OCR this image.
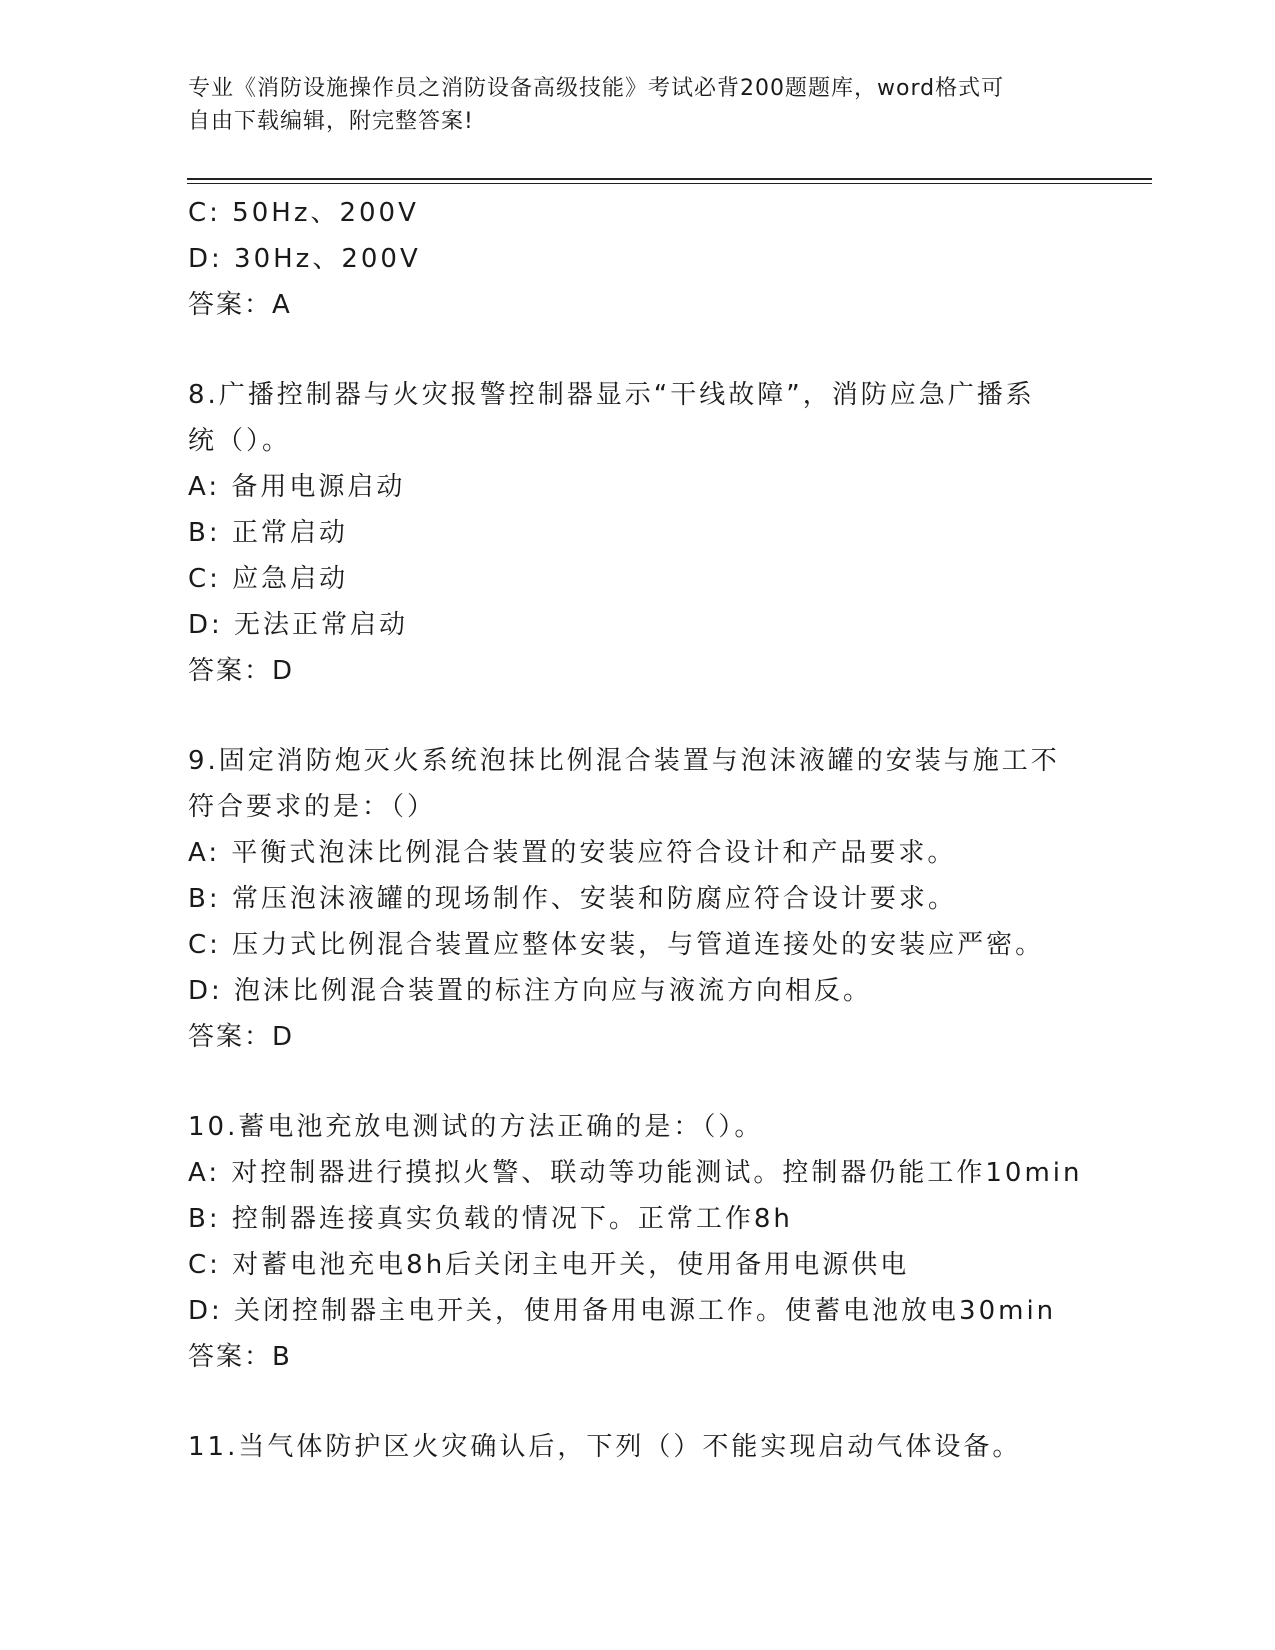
专业《消防设施操作员之消防设备高级技能》考试必背200题题库，word格式可
自由下载编辑，附完整答案!
C: 50Hz、200V
D: 30Hz、200V
答案：A
8.广播控制器与火灾报警控制器显示“干线故障”，消防应急广播系
统（）。
A: 备用电源启动
B: 正常启动
C: 应急启动
D: 无法正常启动
答案：D
9.固定消防炮灭火系统泡抹比例混合装置与泡沫液罐的安装与施工不
符合要求的是：（）
A: 平衡式泡沫比例混合装置的安装应符合设计和产品要求。
B: 常压泡沫液罐的现场制作、安装和防腐应符合设计要求。
C: 压力式比例混合装置应整体安装，与管道连接处的安装应严密。
D: 泡沫比例混合装置的标注方向应与液流方向相反。
答案：D
10.蓄电池充放电测试的方法正确的是：（）。
A: 对控制器进行摸拟火警、联动等功能测试。控制器仍能工作10min
B: 控制器连接真实负载的情况下。正常工作8h
C: 对蓄电池充电8h后关闭主电开关，使用备用电源供电
D: 关闭控制器主电开关，使用备用电源工作。使蓄电池放电30min
答案：B
11.当气体防护区火灾确认后，下列（）不能实现启动气体设备。
